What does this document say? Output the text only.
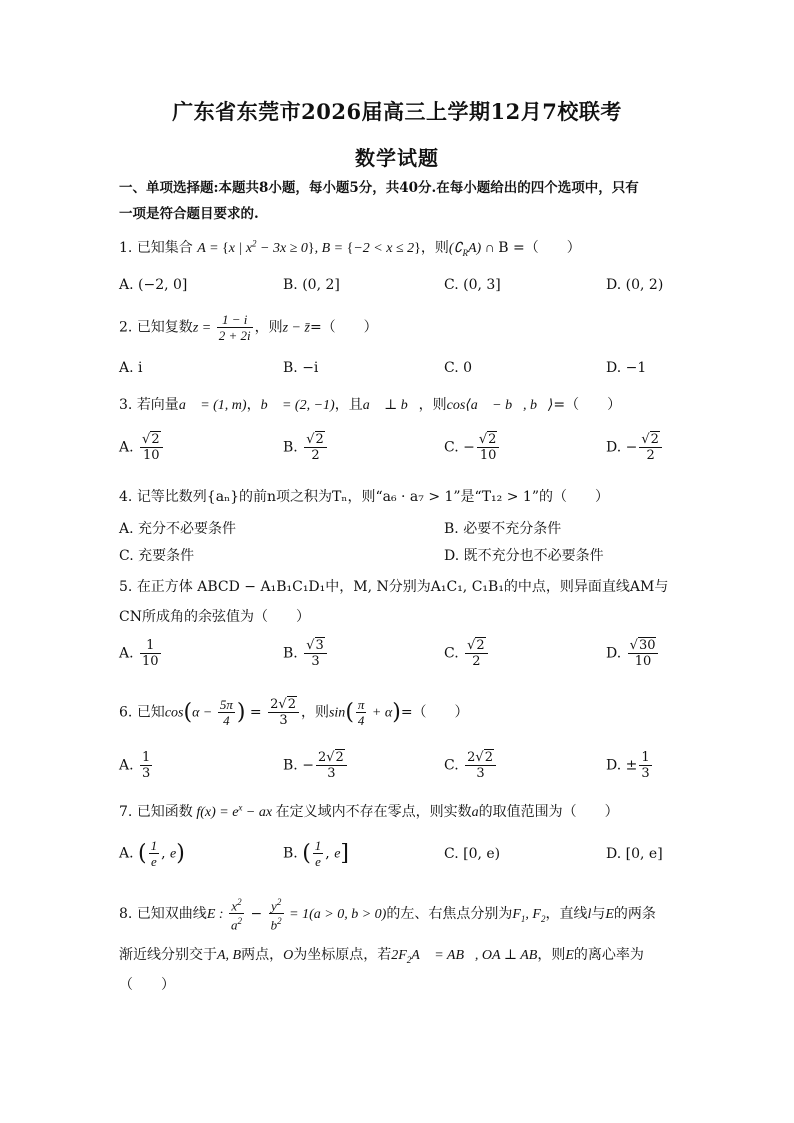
广东省东莞市2026届高三上学期12月7校联考
数学试题
一、单项选择题:本题共8小题，每小题5分，共40分.在每小题给出的四个选项中，只有
一项是符合题目要求的.
1. 已知集合 A = {x | $x^2 - 3x \ge 0$}, B = {−2 < x ≤ 2}，则$(∁_RA)$ ∩ B =（　　）
A. (−2, 0]	B. (0, 2]	C. (0, 3]	D. (0, 2)
2. 已知复数$z = \frac{1 - i}{2 + 2i}$ ，则z − z̄=（　　）
A. i	B. −i	C. 0	D. −1
3. 若向量a⃗ = (1, m)，b⃗ = (2, −1)，且a⃗ ⊥ b⃗，则cos⟨a⃗ − b⃗, b⃗⟩=（　　）
A. $\frac{√2}{10}$	B. $\frac{√2}{2}$	C. − $\frac{√2}{10}$	D. − $\frac{√2}{2}$
4. 记等比数列{aₙ}的前n项之积为Tₙ，则“a₆ · a₇ > 1”是“T₁₂ > 1”的（　　）
A. 充分不必要条件	B. 必要不充分条件
C. 充要条件	D. 既不充分也不必要条件
5. 在正方体 ABCD − A₁B₁C₁D₁中，M, N分别为A₁C₁, C₁B₁的中点，则异面直线AM与
CN所成角的余弦值为（　　）
A. $\frac{1}{10}$	B. $\frac{√3}{3}$	C. $\frac{√2}{2}$	D. $\frac{√30}{10}$
6. 已知$\cos(\alpha - \frac{5\pi}{4}$ ) = $\frac{2√2}{3}$ ，则$\sin( \frac{\pi}{4} + \alpha)=$（　　）
A. $\frac{1}{3}$	B. − $\frac{2√2}{3}$	C. $\frac{2√2}{3}$	D. ± $\frac{1}{3}$
7. 已知函数 $f(x) = e^x$ − ax 在定义域内不存在零点，则实数a的取值范围为（　　）
A. ( $\frac{1}{e}$ , e)	B. ( $\frac{1}{e}$ , e]	C. [0, e)	D. [0, e]
8. 已知双曲线E : $\frac{x^2}{a^2} - \frac{y^2}{b^2} = 1(a > 0$, b > 0)的左、右焦点分别为$F_1$, $F_2$，直线l与E的两条
渐近线分别交于A, B两点，O为坐标原点，若$2F_2A⃗$ = AB⃗, OA ⊥ AB，则E的离心率为
（　　）
